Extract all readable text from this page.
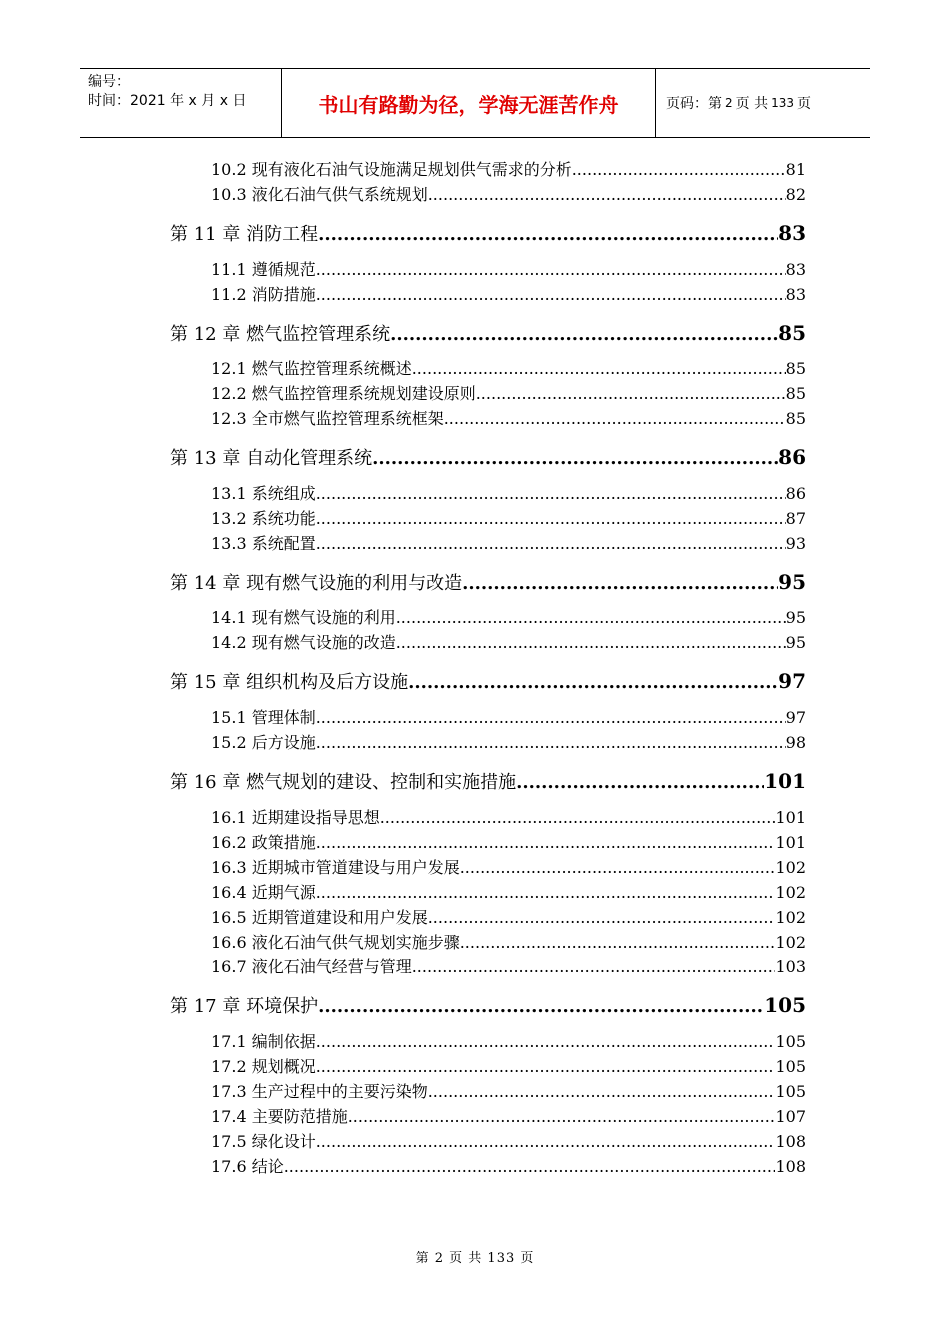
编号：
时间：2021 年 x 月 x 日	书山有路勤为径，学海无涯苦作舟	页码：第 2 页 共 133 页
10.2 现有液化石油气设施满足规划供气需求的分析 .....	81
10.3 液化石油气供气系统规划 .....	82
第 11 章 消防工程 .....	83
11.1 遵循规范 .....	83
11.2 消防措施 .....	83
第 12 章 燃气监控管理系统 .....	85
12.1 燃气监控管理系统概述 .....	85
12.2 燃气监控管理系统规划建设原则 .....	85
12.3 全市燃气监控管理系统框架 .....	85
第 13 章 自动化管理系统 .....	86
13.1 系统组成 .....	86
13.2 系统功能 .....	87
13.3 系统配置 .....	93
第 14 章 现有燃气设施的利用与改造 .....	95
14.1 现有燃气设施的利用 .....	95
14.2 现有燃气设施的改造 .....	95
第 15 章 组织机构及后方设施 .....	97
15.1 管理体制 .....	97
15.2 后方设施 .....	98
第 16 章 燃气规划的建设、控制和实施措施 .....	101
16.1 近期建设指导思想 .....	101
16.2 政策措施 .....	101
16.3 近期城市管道建设与用户发展 .....	102
16.4 近期气源 .....	102
16.5 近期管道建设和用户发展 .....	102
16.6 液化石油气供气规划实施步骤 .....	102
16.7 液化石油气经营与管理 .....	103
第 17 章 环境保护 .....	105
17.1 编制依据 .....	105
17.2 规划概况 .....	105
17.3 生产过程中的主要污染物 .....	105
17.4 主要防范措施 .....	107
17.5 绿化设计 .....	108
17.6 结论 .....	108
第 2 页 共 133 页
